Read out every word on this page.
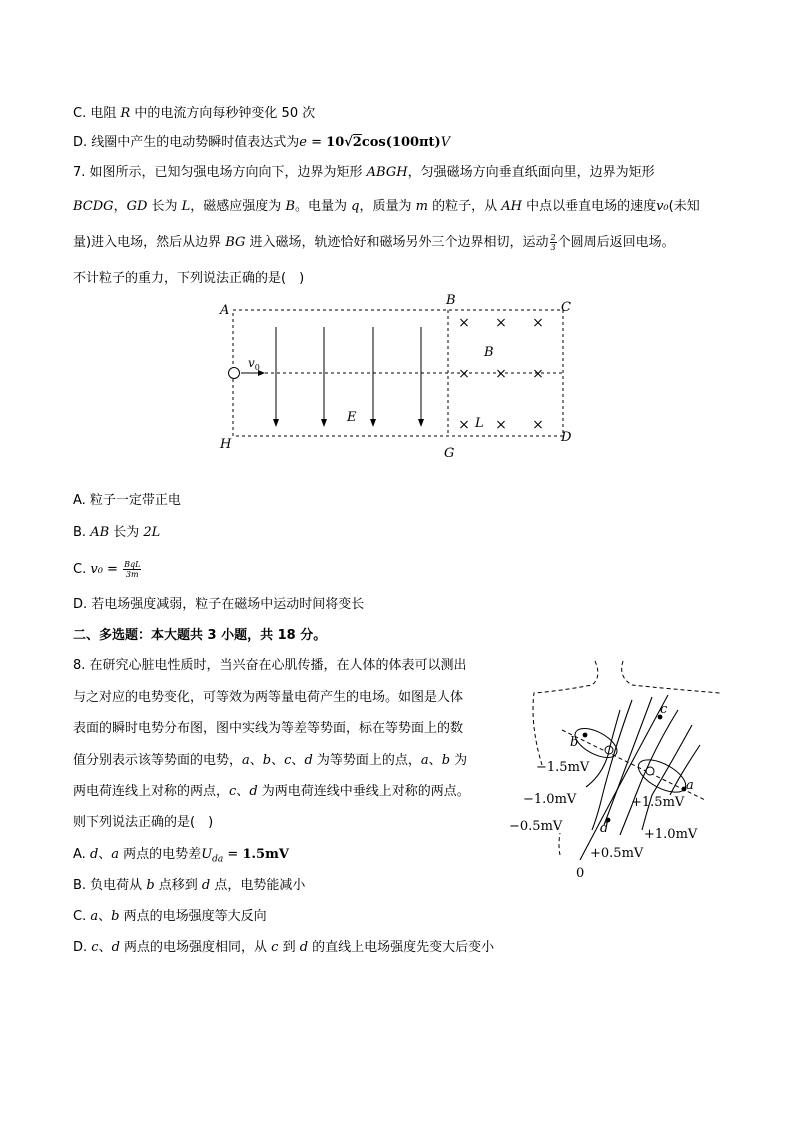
C. 电阻 R 中的电流方向每秒钟变化 50 次
D. 线圈中产生的电动势瞬时值表达式为e = 10√2cos(100πt)V
7. 如图所示，已知匀强电场方向向下，边界为矩形 ABGH，匀强磁场方向垂直纸面向里，边界为矩形
BCDG，GD 长为 L，磁感应强度为 B。电量为 q，质量为 m 的粒子，从 AH 中点以垂直电场的速度v₀(未知
量)进入电场，然后从边界 BG 进入磁场，轨迹恰好和磁场另外三个边界相切，运动 $\frac{2}{3}$ 个圆周后返回电场。
不计粒子的重力，下列说法正确的是(　)
× × ×
× × ×
× × ×
A
B	C
H
G
D
E
B
L
$v_0$
A. 粒子一定带正电
B. AB 长为 2L
C. $v_0 = \frac{\text{BqL}}{3m}$
D. 若电场强度减弱，粒子在磁场中运动时间将变长
二、多选题：本大题共 3 小题，共 18 分。
8. 在研究心脏电性质时，当兴奋在心肌传播，在人体的体表可以测出
与之对应的电势变化，可等效为两等量电荷产生的电场。如图是人体
表面的瞬时电势分布图，图中实线为等差等势面，标在等势面上的数
值分别表示该等势面的电势，a、b、c、d 为等势面上的点，a、b 为
两电荷连线上对称的两点，c、d 为两电荷连线中垂线上对称的两点。
则下列说法正确的是(　)
A. d、a 两点的电势差$U_{da} = 1.5mV$
B. 负电荷从 b 点移到 d 点，电势能减小
C. a、b 两点的电场强度等大反向
D. c、d 两点的电场强度相同，从 c 到 d 的直线上电场强度先变大后变小
b
a
c
d
−1.5mV
−1.0mV
−0.5mV
+1.5mV
+1.0mV
+0.5mV
0
